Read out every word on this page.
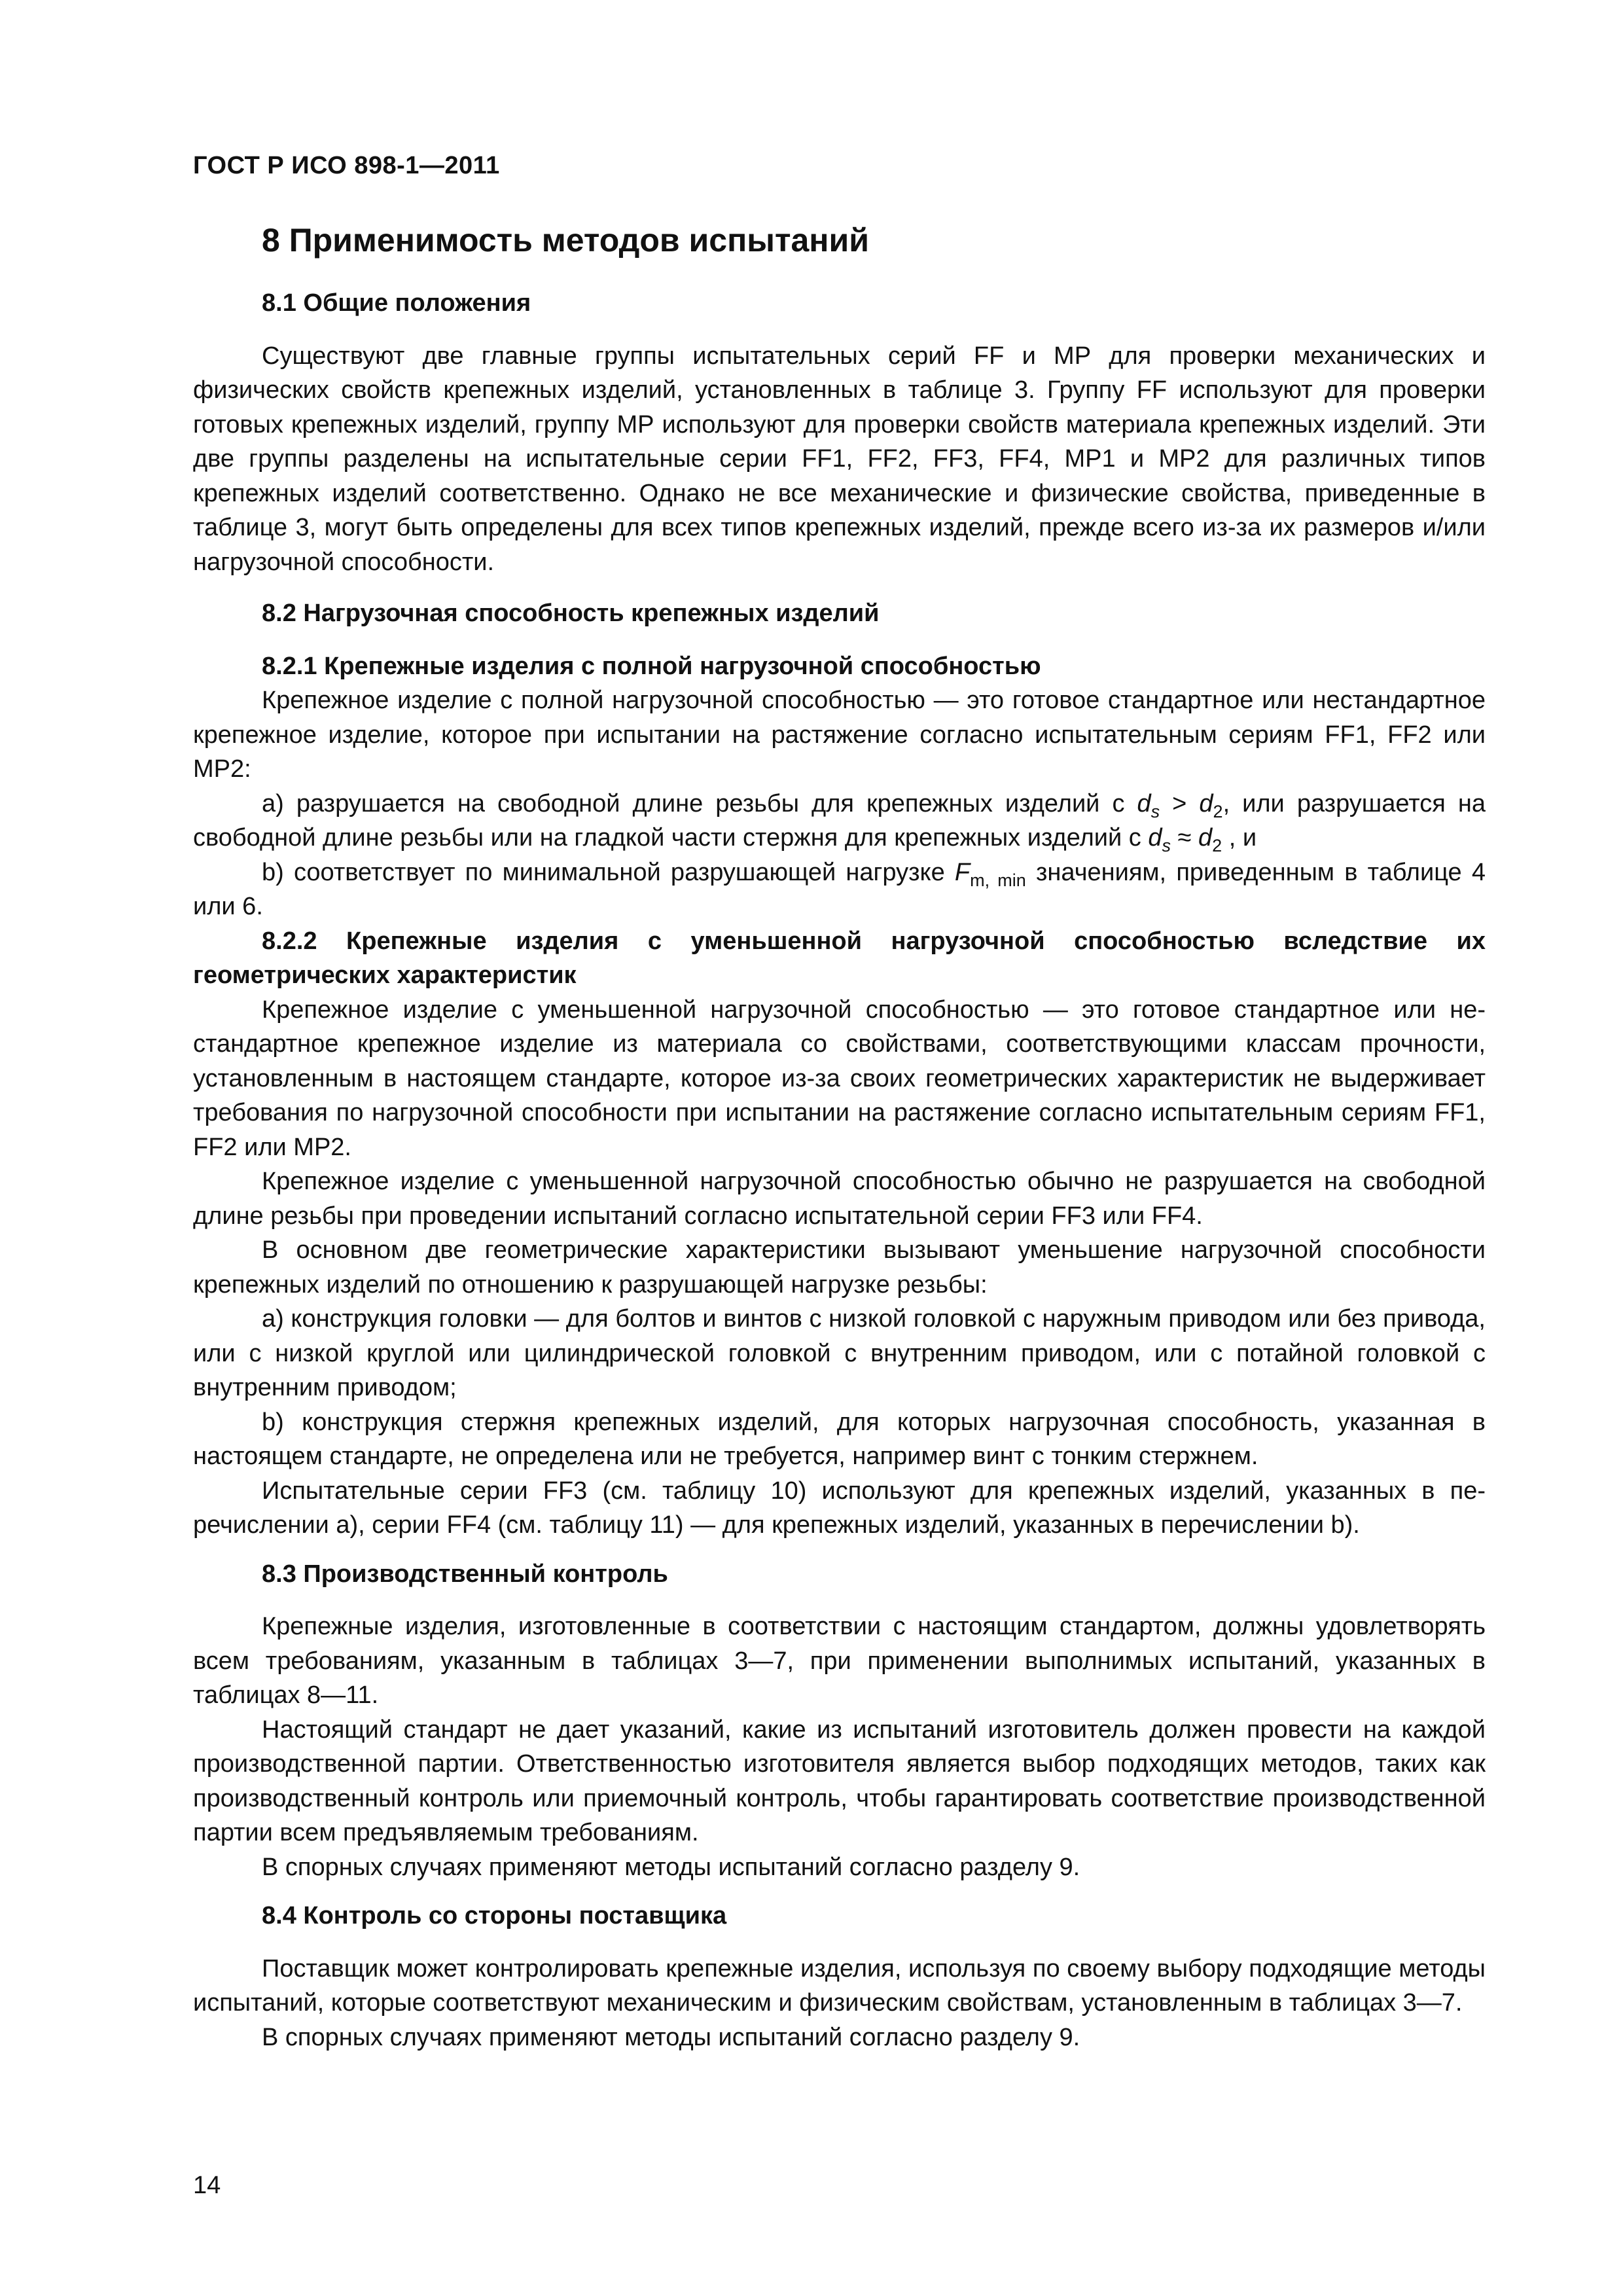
ГОСТ Р ИСО 898-1—2011
8 Применимость методов испытаний
8.1 Общие положения

Существуют две главные группы испытательных серий FF и МР для проверки механических и физических свойств крепежных изделий, установленных в таблице 3. Группу FF используют для проверки готовых крепежных изделий, группу МР используют для проверки свойств материала крепежных изделий. Эти две группы разделены на испытательные серии FF1, FF2, FF3, FF4, МР1 и МР2 для различных типов крепежных изделий соответственно. Однако не все механические и физические свойства, приведенные в таблице 3, могут быть определены для всех типов крепежных изделий, прежде всего из-за их размеров и/или нагрузочной способности.

8.2 Нагрузочная способность крепежных изделий
8.2.1 Крепежные изделия с полной нагрузочной способностью

Крепежное изделие с полной нагрузочной способностью — это готовое стандартное или нестандартное крепежное изделие, которое при испытании на растяжение согласно испытательным сериям FF1, FF2 или МР2:

а) разрушается на свободной длине резьбы для крепежных изделий с $d_s > d_2$, или разрушается на свободной длине резьбы или на гладкой части стержня для крепежных изделий с $d_s \approx d_2$ , и

b) соответствует по минимальной разрушающей нагрузке $F_{m, min}$ значениям, приведенным в таблице 4 или 6.

8.2.2 Крепежные изделия с уменьшенной нагрузочной способностью вследствие их геометрических характеристик

Крепежное изделие с уменьшенной нагрузочной способностью — это готовое стандартное или нестандартное крепежное изделие из материала со свойствами, соответствующими классам прочности, установленным в настоящем стандарте, которое из-за своих геометрических характеристик не выдерживает требования по нагрузочной способности при испытании на растяжение согласно испытательным сериям FF1, FF2 или МР2.

Крепежное изделие с уменьшенной нагрузочной способностью обычно не разрушается на свободной длине резьбы при проведении испытаний согласно испытательной серии FF3 или FF4.

В основном две геометрические характеристики вызывают уменьшение нагрузочной способности крепежных изделий по отношению к разрушающей нагрузке резьбы:

а) конструкция головки — для болтов и винтов с низкой головкой с наружным приводом или без привода, или с низкой круглой или цилиндрической головкой с внутренним приводом, или с потайной головкой с внутренним приводом;

b) конструкция стержня крепежных изделий, для которых нагрузочная способность, указанная в настоящем стандарте, не определена или не требуется, например винт с тонким стержнем.

Испытательные серии FF3 (см. таблицу 10) используют для крепежных изделий, указанных в перечислении а), серии FF4 (см. таблицу 11) — для крепежных изделий, указанных в перечислении b).

8.3 Производственный контроль

Крепежные изделия, изготовленные в соответствии с настоящим стандартом, должны удовлетворять всем требованиям, указанным в таблицах 3—7, при применении выполнимых испытаний, указанных в таблицах 8—11.

Настоящий стандарт не дает указаний, какие из испытаний изготовитель должен провести на каждой производственной партии. Ответственностью изготовителя является выбор подходящих методов, таких как производственный контроль или приемочный контроль, чтобы гарантировать соответствие производственной партии всем предъявляемым требованиям.

В спорных случаях применяют методы испытаний согласно разделу 9.

8.4 Контроль со стороны поставщика

Поставщик может контролировать крепежные изделия, используя по своему выбору подходящие методы испытаний, которые соответствуют механическим и физическим свойствам, установленным в таблицах 3—7.

В спорных случаях применяют методы испытаний согласно разделу 9.

14
